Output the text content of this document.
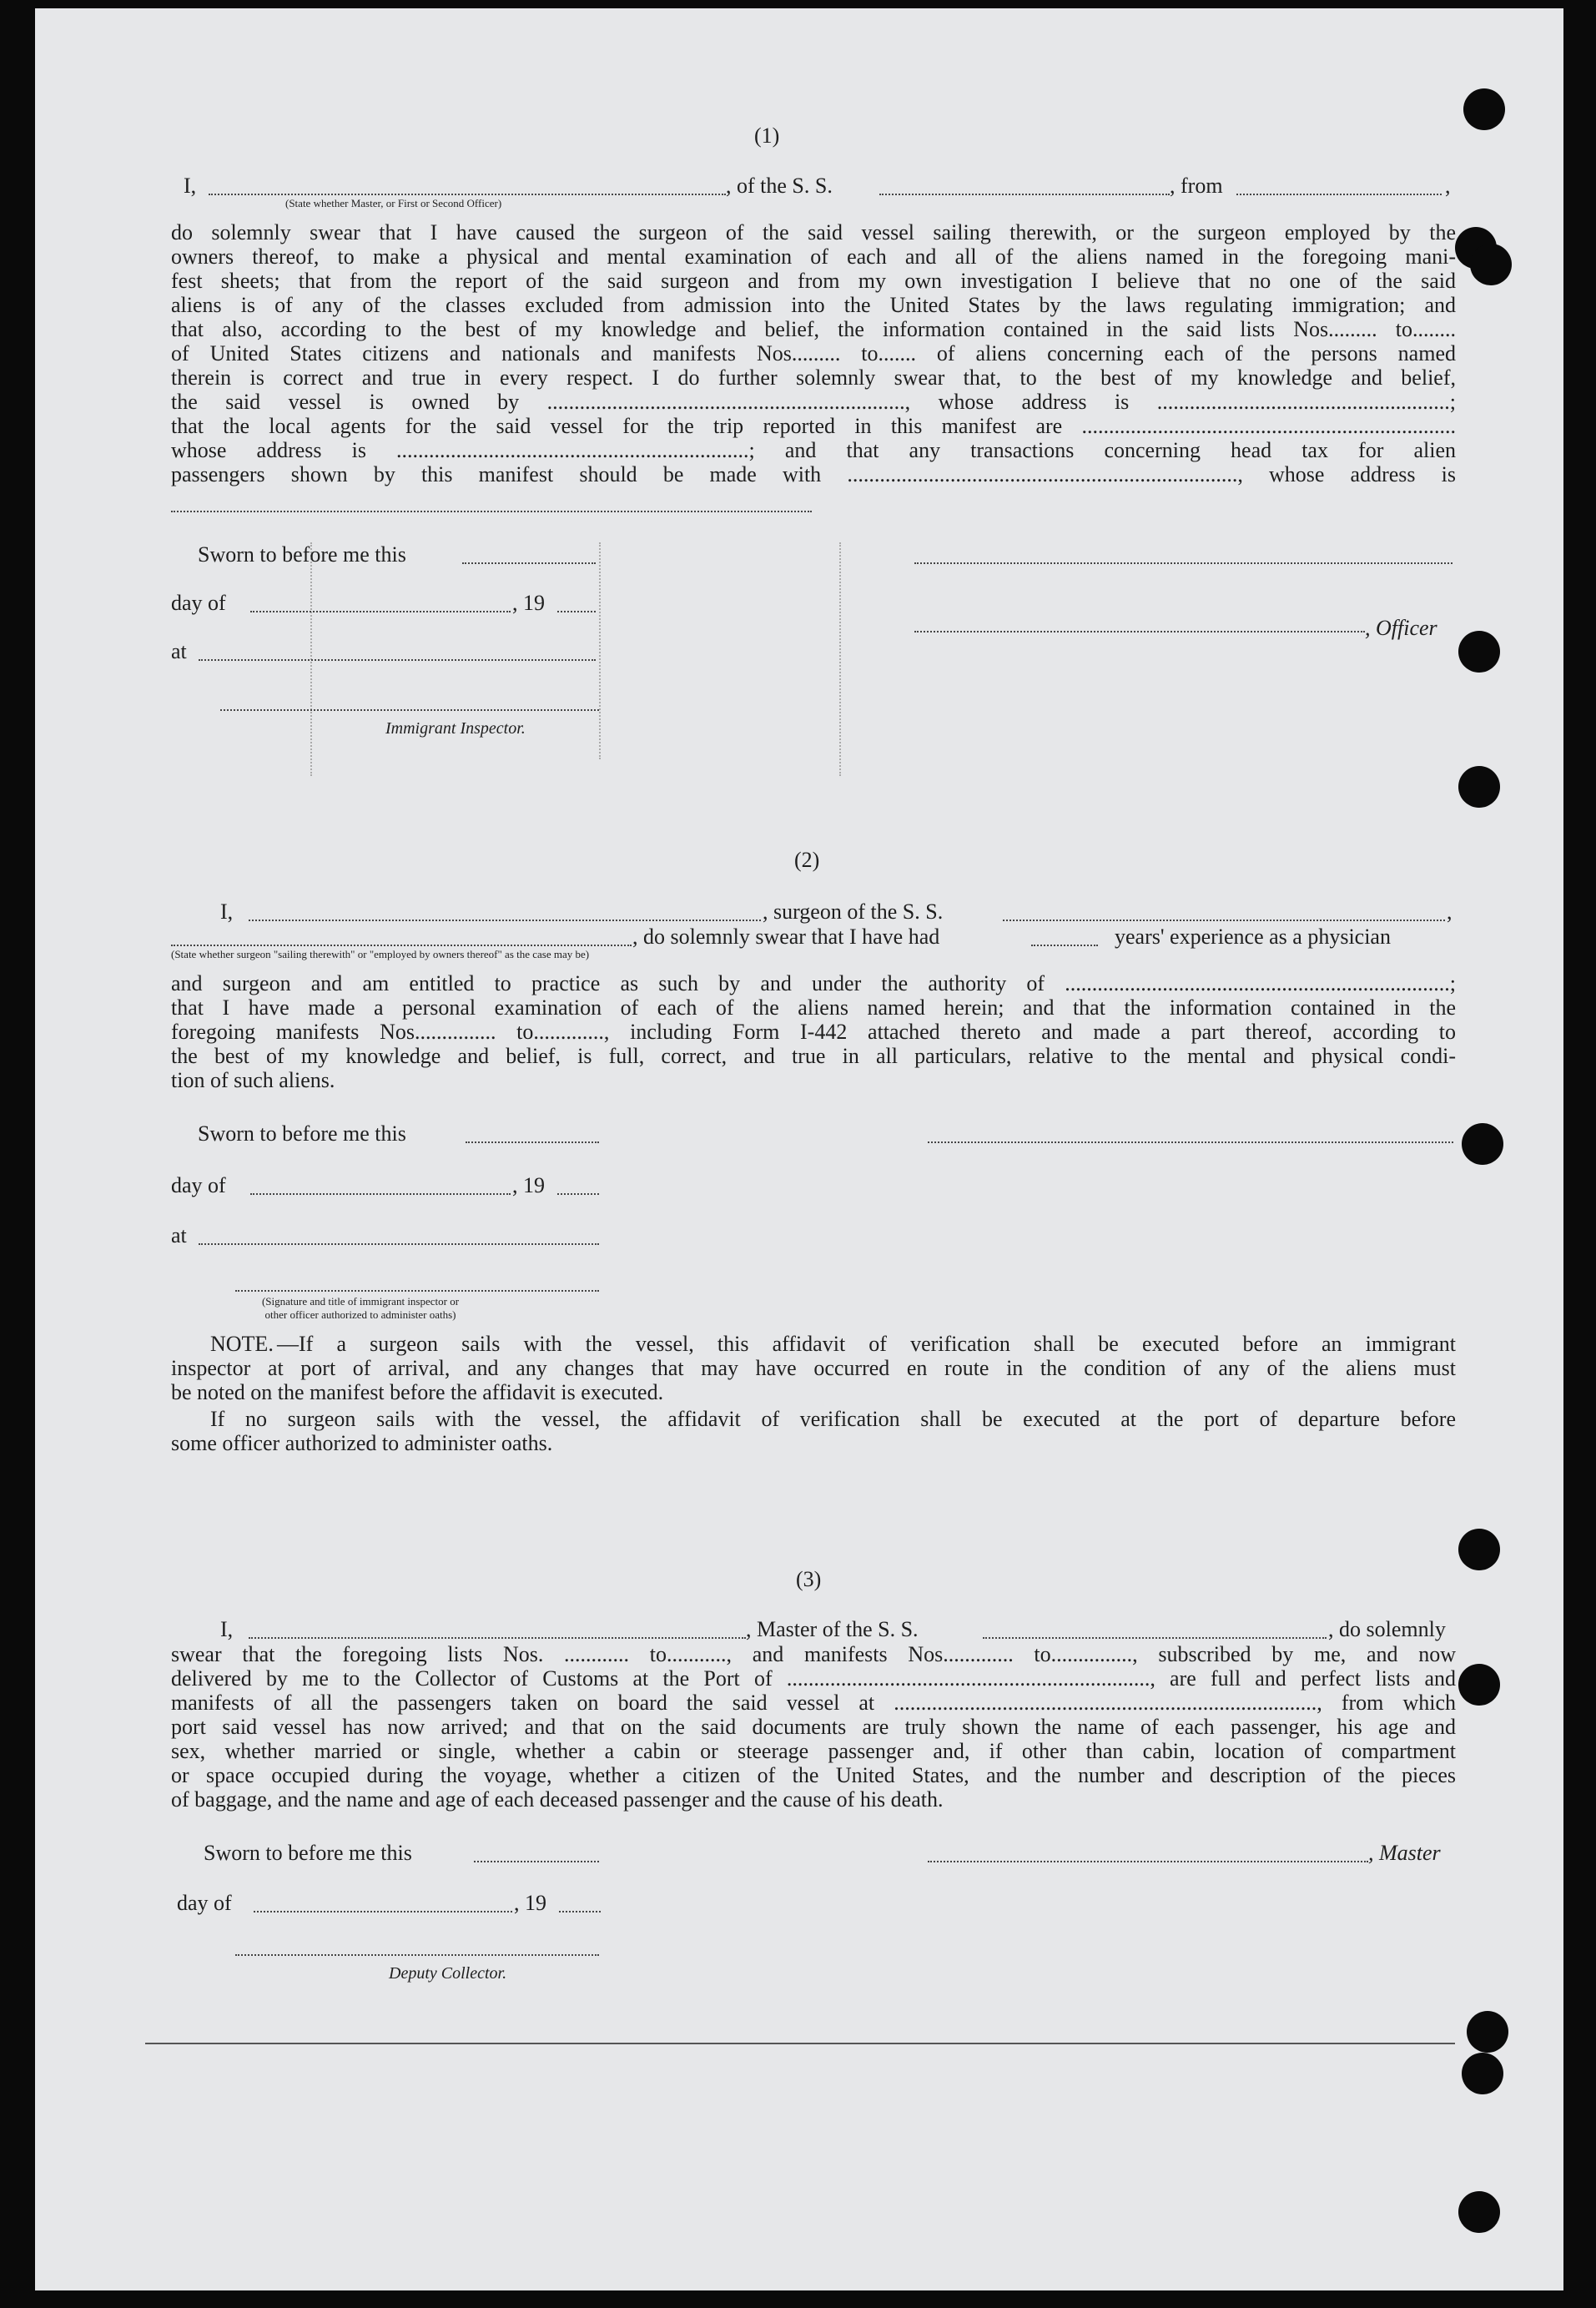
(1)
I,	, of the S. S.	, from	,
(State whether Master, or First or Second Officer)
do solemnly swear that I have caused the surgeon of the said vessel sailing therewith, or the surgeon employed by the
owners thereof, to make a physical and mental examination of each and all of the aliens named in the foregoing mani-
fest sheets; that from the report of the said surgeon and from my own investigation I believe that no one of the said
aliens is of any of the classes excluded from admission into the United States by the laws regulating immigration; and
that also, according to the best of my knowledge and belief, the information contained in the said lists Nos......... to........
of United States citizens and nationals and manifests Nos......... to....... of aliens concerning each of the persons named
therein is correct and true in every respect. I do further solemnly swear that, to the best of my knowledge and belief,
the said vessel is owned by .................................................................., whose address is ......................................................;
that the local agents for the said vessel for the trip reported in this manifest are .....................................................................
whose address is .................................................................; and that any transactions concerning head tax for alien
passengers shown by this manifest should be made with ........................................................................, whose address is
Sworn to before me this
day of	, 19
, Officer
at
Immigrant Inspector.
(2)
I,	, surgeon of the S. S.	,
, do solemnly swear that I have had	years' experience as a physician
(State whether surgeon "sailing therewith" or "employed by owners thereof" as the case may be)
and surgeon and am entitled to practice as such by and under the authority of .......................................................................;
that I have made a personal examination of each of the aliens named herein; and that the information contained in the
foregoing manifests Nos............... to............., including Form I-442 attached thereto and made a part thereof, according to
the best of my knowledge and belief, is full, correct, and true in all particulars, relative to the mental and physical condi-
tion of such aliens.
Sworn to before me this
day of	, 19
at
(Signature and title of immigrant inspector or
other officer authorized to administer oaths)
NOTE. —If a surgeon sails with the vessel, this affidavit of verification shall be executed before an immigrant
inspector at port of arrival, and any changes that may have occurred en route in the condition of any of the aliens must
be noted on the manifest before the affidavit is executed.
If no surgeon sails with the vessel, the affidavit of verification shall be executed at the port of departure before
some officer authorized to administer oaths.
(3)
I,	, Master of the S. S.	, do solemnly
swear that the foregoing lists Nos. ............ to..........., and manifests Nos............. to..............., subscribed by me, and now
delivered by me to the Collector of Customs at the Port of ..................................................................., are full and perfect lists and
manifests of all the passengers taken on board the said vessel at .............................................................................., from which
port said vessel has now arrived; and that on the said documents are truly shown the name of each passenger, his age and
sex, whether married or single, whether a cabin or steerage passenger and, if other than cabin, location of compartment
or space occupied during the voyage, whether a citizen of the United States, and the number and description of the pieces
of baggage, and the name and age of each deceased passenger and the cause of his death.
Sworn to before me this	, Master
day of	, 19
Deputy Collector.
